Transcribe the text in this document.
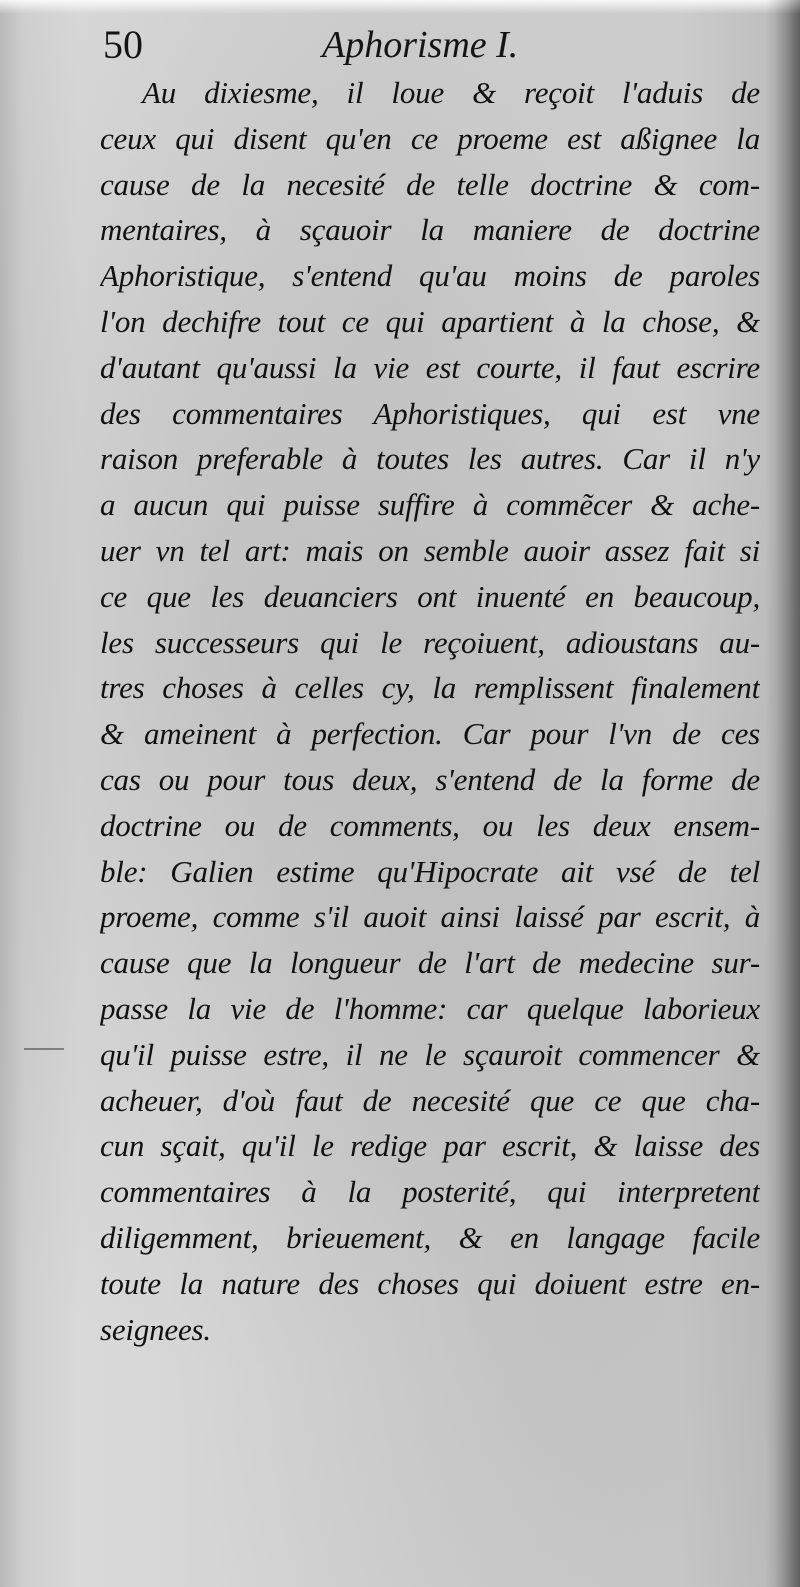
50	Aphorisme I.
Au dixiesme, il loue & reçoit l'aduis de
ceux qui disent qu'en ce proeme est aßignee la
cause de la necesité de telle doctrine & com-
mentaires, à sçauoir la maniere de doctrine
Aphoristique, s'entend qu'au moins de paroles
l'on dechifre tout ce qui apartient à la chose, &
d'autant qu'aussi la vie est courte, il faut escrire
des commentaires Aphoristiques, qui est vne
raison preferable à toutes les autres. Car il n'y
a aucun qui puisse suffire à commẽcer & ache-
uer vn tel art: mais on semble auoir assez fait si
ce que les deuanciers ont inuenté en beaucoup,
les successeurs qui le reçoiuent, adioustans au-
tres choses à celles cy, la remplissent finalement
& ameinent à perfection. Car pour l'vn de ces
cas ou pour tous deux, s'entend de la forme de
doctrine ou de comments, ou les deux ensem-
ble: Galien estime qu'Hipocrate ait vsé de tel
proeme, comme s'il auoit ainsi laissé par escrit, à
cause que la longueur de l'art de medecine sur-
passe la vie de l'homme: car quelque laborieux
qu'il puisse estre, il ne le sçauroit commencer &
acheuer, d'où faut de necesité que ce que cha-
cun sçait, qu'il le redige par escrit, & laisse des
commentaires à la posterité, qui interpretent
diligemment, brieuement, & en langage facile
toute la nature des choses qui doiuent estre en-
seignees.
